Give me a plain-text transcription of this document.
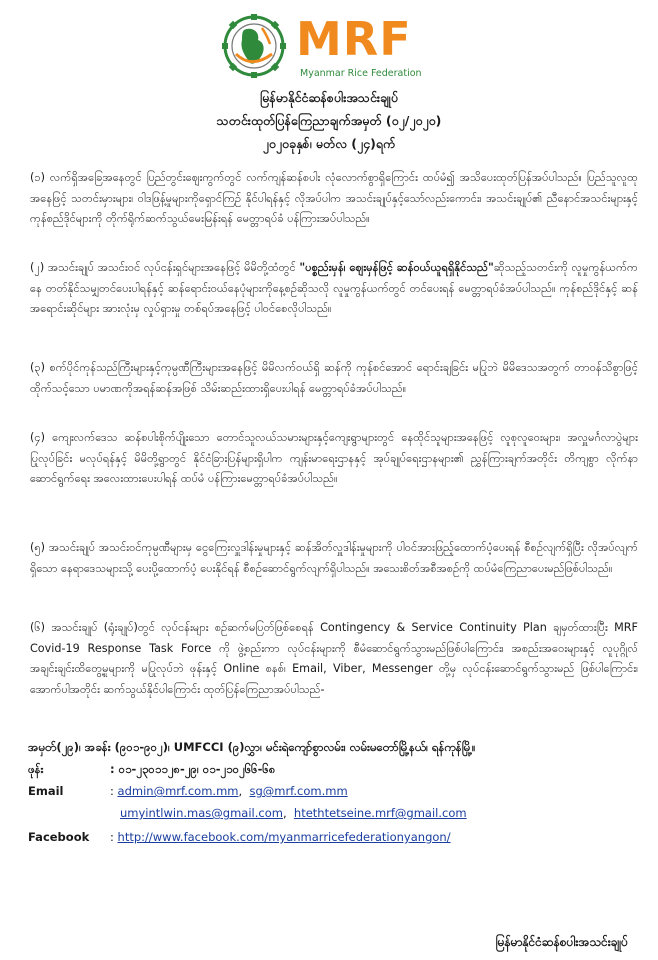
MRF
Myanmar Rice Federation
မြန်မာနိုင်ငံဆန်စပါးအသင်းချုပ်
သတင်းထုတ်ပြန်ကြေညာချက်အမှတ် (၀၂/၂၀၂၀)
၂၀၂၀ခုနှစ်၊ မတ်လ (၂၄)ရက်

(၁) လက်ရှိအခြေအနေတွင် ပြည်တွင်းဈေးကွက်တွင် လက်ကျန်ဆန်စပါး လုံလောက်စွာရှိကြောင်း ထပ်မံ၍ အသိပေးထုတ်ပြန်အပ်ပါသည်။ ပြည်သူလူထုအနေဖြင့် သတင်းမှားများ၊ ဝါဒဖြန့်မှုများကိုရှောင်ကြဉ် နိုင်ပါရန်နှင့် လိုအပ်ပါက အသင်းချုပ်နှင့်သော်လည်းကောင်း၊ အသင်းချုပ်၏ ညီနောင်အသင်းများနှင့် ကုန်စည်ဒိုင်များကို တိုက်ရိုက်ဆက်သွယ်မေးမြန်းရန် မေတ္တာရပ်ခံ ပန်ကြားအပ်ပါသည်။

(၂) အသင်းချုပ် အသင်းဝင် လုပ်ငန်းရှင်များအနေဖြင့် မိမိတို့ထံတွင် "ပစ္စည်းမှန်၊ ဈေးမှန်ဖြင့် ဆန်ဝယ်ယူရရှိနိုင်သည်"ဆိုသည့်သတင်းကို လူမှုကွန်ယက်ကနေ တတ်နိုင်သမျှတင်ပေးပါရန်နှင့် ဆန်ရောင်းဝယ်နေပုံများကိုနေ့စဉ်ဆိုသလို လူမှုကွန်ယက်တွင် တင်ပေးရန် မေတ္တာရပ်ခံအပ်ပါသည်။ ကုန်စည်ဒိုင်နှင့် ဆန်အရောင်းဆိုင်များ အားလုံးမှ လှုပ်ရှားမှု တစ်ရပ်အနေဖြင့် ပါဝင်စေလိုပါသည်။

(၃) စက်ပိုင်ကုန်သည်ကြီးများနှင့်ကုမ္ပဏီကြီးများအနေဖြင့် မိမိလက်ဝယ်ရှိ ဆန်ကို ကုန်စင်အောင် ရောင်းချခြင်း မပြုဘဲ မိမိဒေသအတွက် တာဝန်သိစွာဖြင့် ထိုက်သင့်သော ပမာဏကိုအရန်ဆန်အဖြစ် သိမ်းဆည်းထားရှိပေးပါရန် မေတ္တာရပ်ခံအပ်ပါသည်။

(၄) ကျေးလက်ဒေသ ဆန်စပါးစိုက်ပျိုးသော တောင်သူလယ်သမားများနှင့်ကျေးရွာများတွင် နေထိုင်သူများအနေဖြင့် လူစုလူဝေးများ၊ အလှူမင်္ဂလာပွဲများ ပြုလုပ်ခြင်း မလုပ်ရန်နှင့် မိမိတို့ရွာတွင် နိုင်ငံခြားပြန်များရှိပါက ကျန်းမာရေးဌာနနှင့် အုပ်ချုပ်ရေးဌာနများ၏ ညွှန်ကြားချက်အတိုင်း တိကျစွာ လိုက်နာ ဆောင်ရွက်ရေး အလေးထားပေးပါရန် ထပ်မံ ပန်ကြားမေတ္တာရပ်ခံအပ်ပါသည်။

(၅) အသင်းချုပ် အသင်းဝင်ကုမ္ပဏီများမှ ငွေကြေးလှူဒါန်းမှုများနှင့် ဆန်အိတ်လှူဒါန်းမှုများကို ပါဝင်အားဖြည့်ထောက်ပံ့ပေးရန် စီစဉ်လျက်ရှိပြီး လိုအပ်လျက်ရှိသော နေရာဒေသများသို့ ပေးပို့ထောက်ပံ့ ပေးနိုင်ရန် စီစဉ်ဆောင်ရွက်လျက်ရှိပါသည်။ အသေးစိတ်အစီအစဉ်ကို ထပ်မံကြေညာပေးမည်ဖြစ်ပါသည်။

(၆) အသင်းချုပ် (ရုံးချုပ်)တွင် လုပ်ငန်းများ စဉ်ဆက်မပြတ်ဖြစ်စေရန် Contingency & Service Continuity Plan ချမှတ်ထားပြီး MRF Covid-19 Response Task Force ကို ဖွဲ့စည်းကာ လုပ်ငန်းများကို စီမံဆောင်ရွက်သွားမည်ဖြစ်ပါကြောင်း၊ အစည်းအဝေးများနှင့် လူပုဂ္ဂိုလ်အချင်းချင်းထိတွေ့မှုများကို မပြုလုပ်ဘဲ ဖုန်းနှင့် Online စနစ်၊ Email, Viber, Messenger တို့မှ လုပ်ငန်းဆောင်ရွက်သွားမည် ဖြစ်ပါကြောင်း၊ အောက်ပါအတိုင်း ဆက်သွယ်နိုင်ပါကြောင်း ထုတ်ပြန်ကြေညာအပ်ပါသည်-

အမှတ်(၂၉)၊ အခန်း (၉၀၁-၉၀၂)၊ UMFCCI (၉)လွှာ၊ မင်းရဲကျော်စွာလမ်း၊ လမ်းမတော်မြို့နယ်၊ ရန်ကုန်မြို့။
ဖုန်း	: ၀၁-၂၃၀၁၁၂၈-၂၉၊ ၀၁-၂၁၀၂၆၆-၆၈
Email	: admin@mrf.com.mm,  sg@mrf.com.mm
umyintlwin.mas@gmail.com,  htethtetseine.mrf@gmail.com
Facebook : http://www.facebook.com/myanmarricefederationyangon/
မြန်မာနိုင်ငံဆန်စပါးအသင်းချုပ်
